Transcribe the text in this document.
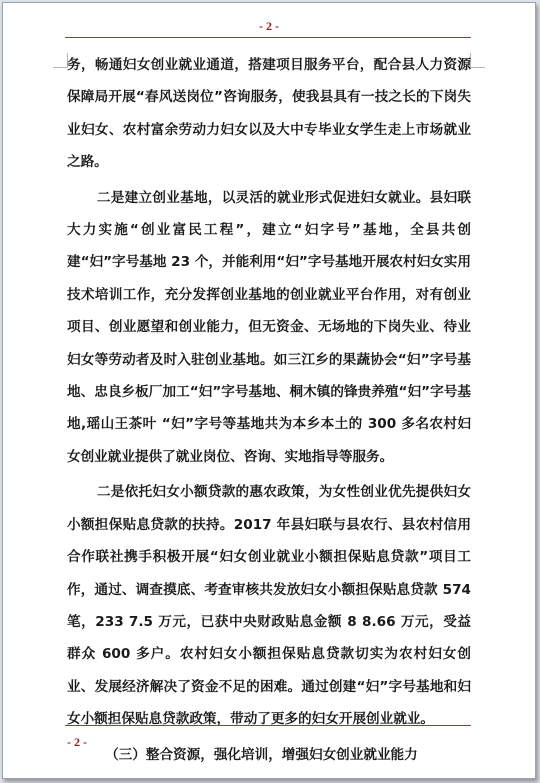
- 2 -

务，畅通妇女创业就业通道，搭建项目服务平台，配合县人力资源保障局开展“春风送岗位”咨询服务，使我县具有一技之长的下岗失业妇女、农村富余劳动力妇女以及大中专毕业女学生走上市场就业之路。

二是建立创业基地，以灵活的就业形式促进妇女就业。县妇联大力实施“创业富民工程”，建立“妇字号”基地，全县共创建“妇”字号基地 23 个，并能利用“妇”字号基地开展农村妇女实用技术培训工作，充分发挥创业基地的创业就业平台作用，对有创业项目、创业愿望和创业能力，但无资金、无场地的下岗失业、待业妇女等劳动者及时入驻创业基地。如三江乡的果蔬协会“妇”字号基地、忠良乡板厂加工“妇”字号基地、桐木镇的锋贵养殖“妇”字号基地,瑶山王茶叶 “妇”字号等基地共为本乡本土的 300 多名农村妇女创业就业提供了就业岗位、咨询、实地指导等服务。

二是依托妇女小额贷款的惠农政策，为女性创业优先提供妇女小额担保贴息贷款的扶持。2017 年县妇联与县农行、县农村信用合作联社携手积极开展“妇女创业就业小额担保贴息贷款”项目工作，通过、调查摸底、考查审核共发放妇女小额担保贴息贷款 574 笔，233 7.5 万元，已获中央财政贴息金额 8 8.66 万元，受益群众 600 多户。农村妇女小额担保贴息贷款切实为农村妇女创业、发展经济解决了资金不足的困难。通过创建“妇”字号基地和妇女小额担保贴息贷款政策，带动了更多的妇女开展创业就业。

（三）整合资源，强化培训，增强妇女创业就业能力

- 2 -
